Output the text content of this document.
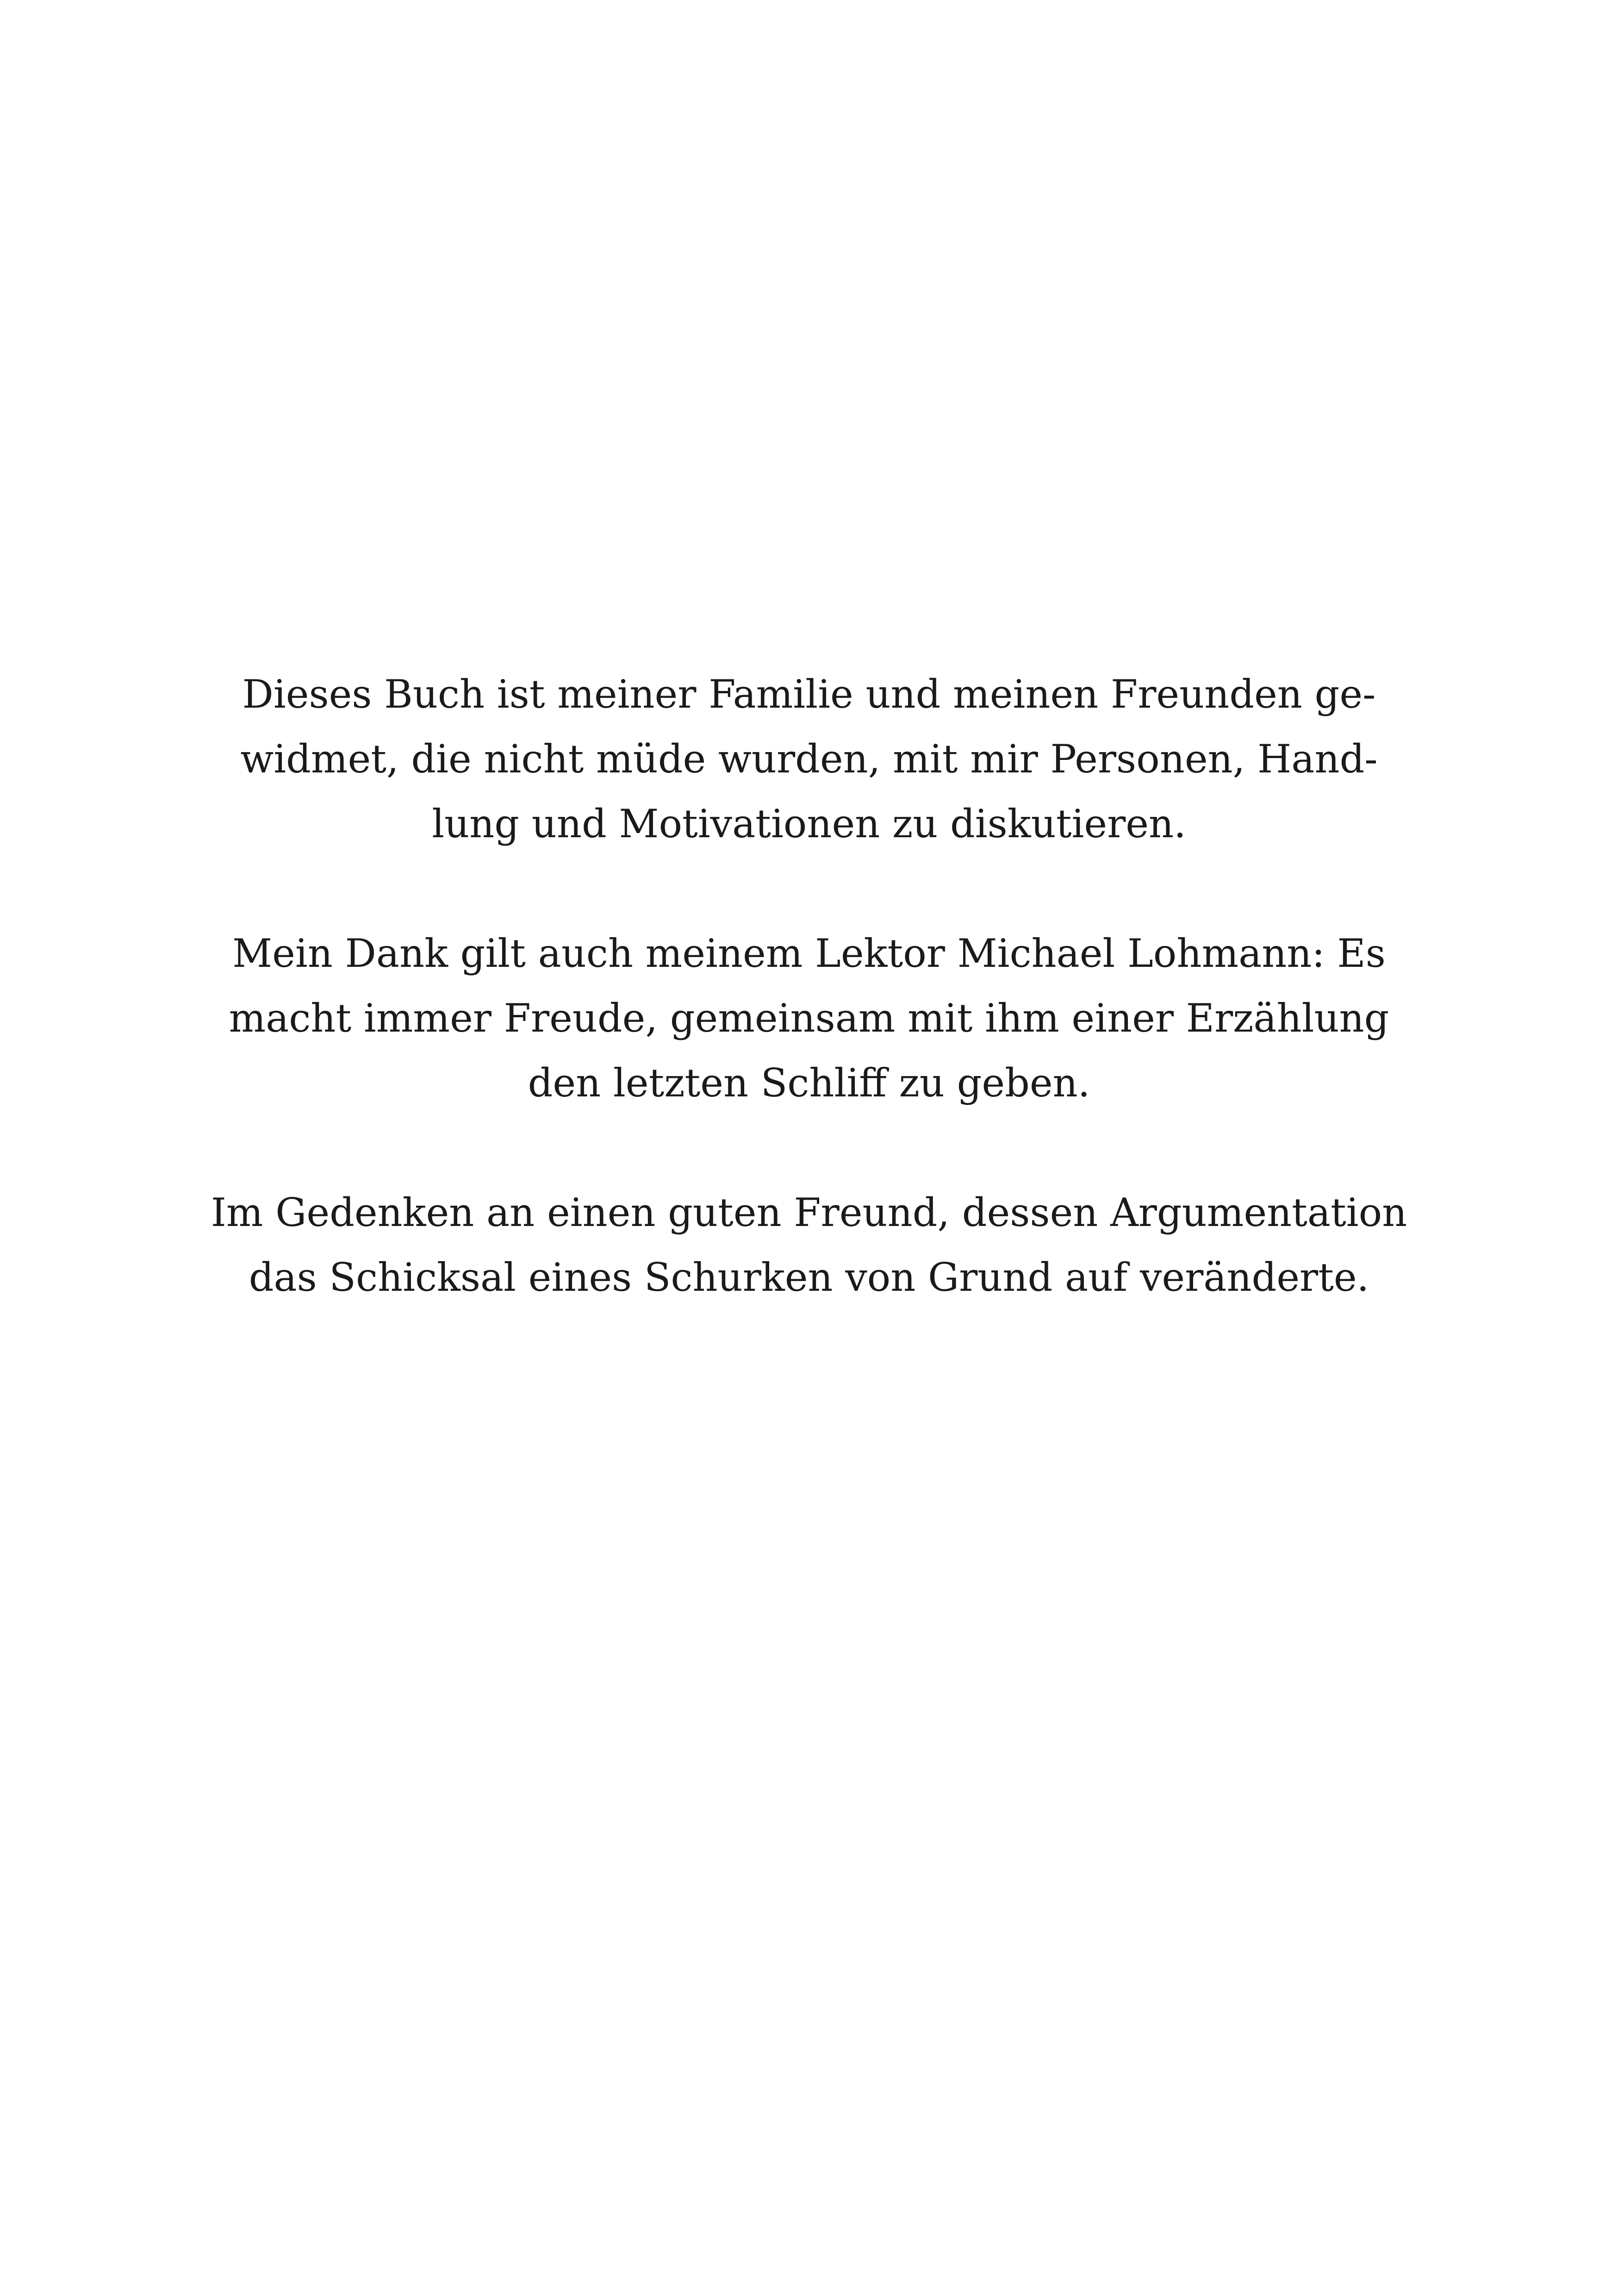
Dieses Buch ist meiner Familie und meinen Freunden ge-
widmet, die nicht müde wurden, mit mir Personen, Hand-
lung und Motivationen zu diskutieren.

Mein Dank gilt auch meinem Lektor Michael Lohmann: Es
macht immer Freude, gemeinsam mit ihm einer Erzählung
den letzten Schliff zu geben.

Im Gedenken an einen guten Freund, dessen Argumentation
das Schicksal eines Schurken von Grund auf veränderte.
